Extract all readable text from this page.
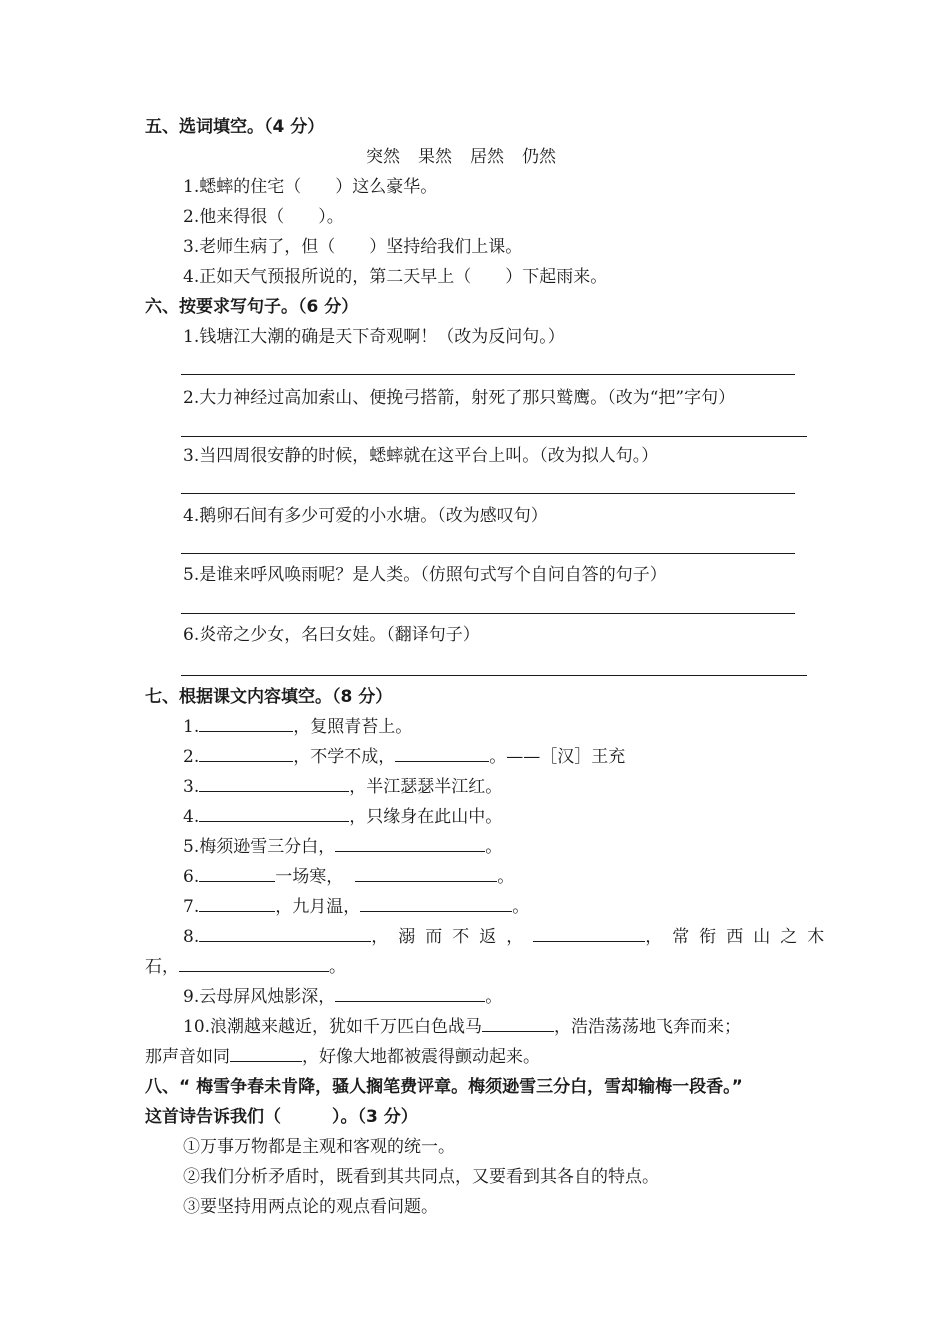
五、选词填空。（4 分）
突然 果然 居然 仍然
1.蟋蟀的住宅（ ）这么豪华。
2.他来得很（ ）。
3.老师生病了，但（ ）坚持给我们上课。
4.正如天气预报所说的，第二天早上（ ）下起雨来。
六、按要求写句子。（6 分）
1.钱塘江大潮的确是天下奇观啊！（改为反问句。）
2.大力神经过高加索山、便挽弓搭箭，射死了那只鹫鹰。（改为“把”字句）
3.当四周很安静的时候，蟋蟀就在这平台上叫。（改为拟人句。）
4.鹅卵石间有多少可爱的小水塘。（改为感叹句）
5.是谁来呼风唤雨呢？是人类。（仿照句式写个自问自答的句子）
6.炎帝之少女，名曰女娃。（翻译句子）
七、根据课文内容填空。（8 分）
1.	，复照青苔上。
2.	，不学不成，	。——［汉］王充
3.	，半江瑟瑟半江红。
4.	，只缘身在此山中。
5.梅须逊雪三分白，	。
6.	一场寒，	。
7.	，九月温，	。
8.	，溺而不返，	，常衔西山之木
石，	。
9.云母屏风烛影深，	。
10.浪潮越来越近，犹如千万匹白色战马	，浩浩荡荡地飞奔而来；
那声音如同	，好像大地都被震得颤动起来。
八、“ 梅雪争春未肯降，骚人搁笔费评章。梅须逊雪三分白，雪却输梅一段香。”
这首诗告诉我们（　　　）。（3 分）
①万事万物都是主观和客观的统一。
②我们分析矛盾时，既看到其共同点，又要看到其各自的特点。
③要坚持用两点论的观点看问题。
